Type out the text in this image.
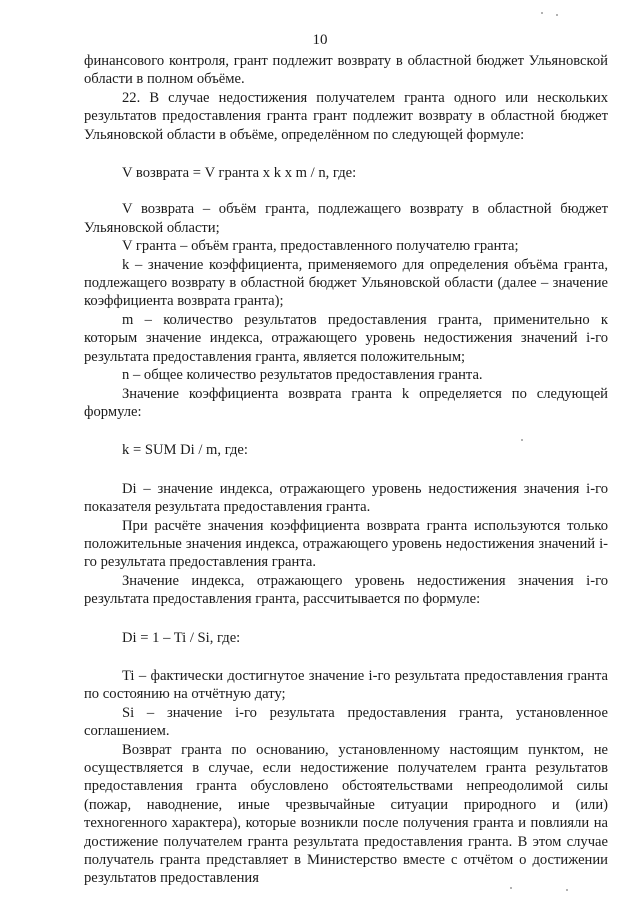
10

финансового контроля, грант подлежит возврату в областной бюджет Ульяновской области в полном объёме.

22. В случае недостижения получателем гранта одного или нескольких результатов предоставления гранта грант подлежит возврату в областной бюджет Ульяновской области в объёме, определённом по следующей формуле:

V возврата = V гранта x k x m / n, где:

V возврата – объём гранта, подлежащего возврату в областной бюджет Ульяновской области;

V гранта – объём гранта, предоставленного получателю гранта;

k – значение коэффициента, применяемого для определения объёма гранта, подлежащего возврату в областной бюджет Ульяновской области (далее – значение коэффициента возврата гранта);

m – количество результатов предоставления гранта, применительно к которым значение индекса, отражающего уровень недостижения значений i-го результата предоставления гранта, является положительным;

n – общее количество результатов предоставления гранта.

Значение коэффициента возврата гранта k определяется по следующей формуле:

k = SUM Di / m, где:

Di – значение индекса, отражающего уровень недостижения значения i-го показателя результата предоставления гранта.

При расчёте значения коэффициента возврата гранта используются только положительные значения индекса, отражающего уровень недостижения значений i-го результата предоставления гранта.

Значение индекса, отражающего уровень недостижения значения i-го результата предоставления гранта, рассчитывается по формуле:

Di = 1 – Ti / Si, где:

Ti – фактически достигнутое значение i-го результата предоставления гранта по состоянию на отчётную дату;

Si – значение i-го результата предоставления гранта, установленное соглашением.

Возврат гранта по основанию, установленному настоящим пунктом, не осуществляется в случае, если недостижение получателем гранта результатов предоставления гранта обусловлено обстоятельствами непреодолимой силы (пожар, наводнение, иные чрезвычайные ситуации природного и (или) техногенного характера), которые возникли после получения гранта и повлияли на достижение получателем гранта результата предоставления гранта. В этом случае получатель гранта представляет в Министерство вместе с отчётом о достижении результатов предоставления
